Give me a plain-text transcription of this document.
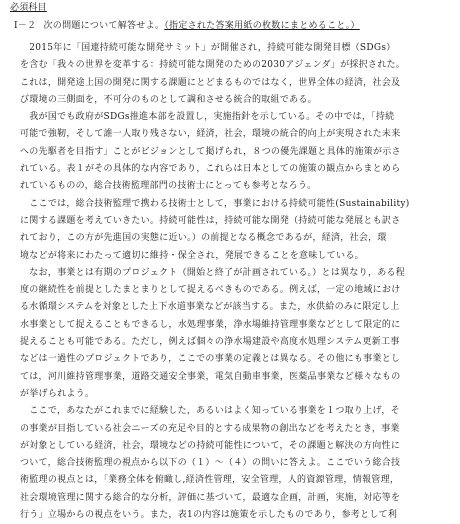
必須科目
Ⅰ－２ 次の問題について解答せよ。（指定された答案用紙の枚数にまとめること。）
　2015年に「国連持続可能な開発サミット」が開催され，持続可能な開発目標（SDGs）
を含む「我々の世界を変革する：持続可能な開発のための2030アジェンダ」が採択された。
これは，開発途上国の開発に関する課題にとどまるものではなく，世界全体の経済，社会及
び環境の三側面を，不可分のものとして調和させる統合的取組である。
　我が国でも政府がSDGs推進本部を設置し，実施指針を示している。その中では，「持続
可能で強靭，そして誰一人取り残さない，経済，社会，環境の統合的向上が実現された未来
への先駆者を目指す」ことがビジョンとして掲げられ，８つの優先課題と具体的施策が示さ
れている。表１がその具体的な内容であり，これらは日本としての施策の観点からまとめら
れているものの，総合技術監理部門の技術士にとっても参考となろう。
　ここでは，総合技術監理で携わる技術士として，事業における持続可能性(Sustainability)
に関する課題を考えていきたい。持続可能性は，持続可能な開発（持続可能な発展とも訳さ
れており，この方が先進国の実態に近い。）の前提となる概念であるが，経済，社会，環
境などが将来にわたって適切に維持・保全され，発展できることを意味している。
　なお，事業とは有期のプロジェクト（開始と終了が計画されている。）とは異なり，ある程
度の継続性を前提としたまとまりとして捉えるべきものである。例えば，一定の地域におけ
る水循環システムを対象とした上下水道事業などが該当する。また，水供給のみに限定し上
水事業として捉えることもできるし，水処理事業，浄水場維持管理事業などとして限定的に
捉えることも可能である。ただし，例えば個々の浄水場建設や高度水処理システム更新工事
などは一過性のプロジェクトであり，ここでの事業の定義とは異なる。その他にも事業とし
ては，河川維持管理事業，道路交通安全事業，電気自動車事業，医薬品事業など様々なもの
が挙げられよう。
　ここで，あなたがこれまでに経験した，あるいはよく知っている事業を１つ取り上げ，そ
の事業が目指している社会ニーズの充足や目的とする成果物の創出などを考えたとき，事業
が対象としている経済，社会，環境などの持続可能性について，その課題と解決の方向性に
ついて，総合技術監理の視点から以下の（１）～（４）の問いに答えよ。ここでいう総合技
術監理の視点とは，「業務全体を俯瞰し,経済性管理，安全管理，人的資源管理，情報管理，
社会環境管理に関する総合的な分析，評価に基づいて，最適な企画，計画，実施，対応等を
行う」立場からの視点をいう。また，表1の内容は施策を示したものであり，参考として利
